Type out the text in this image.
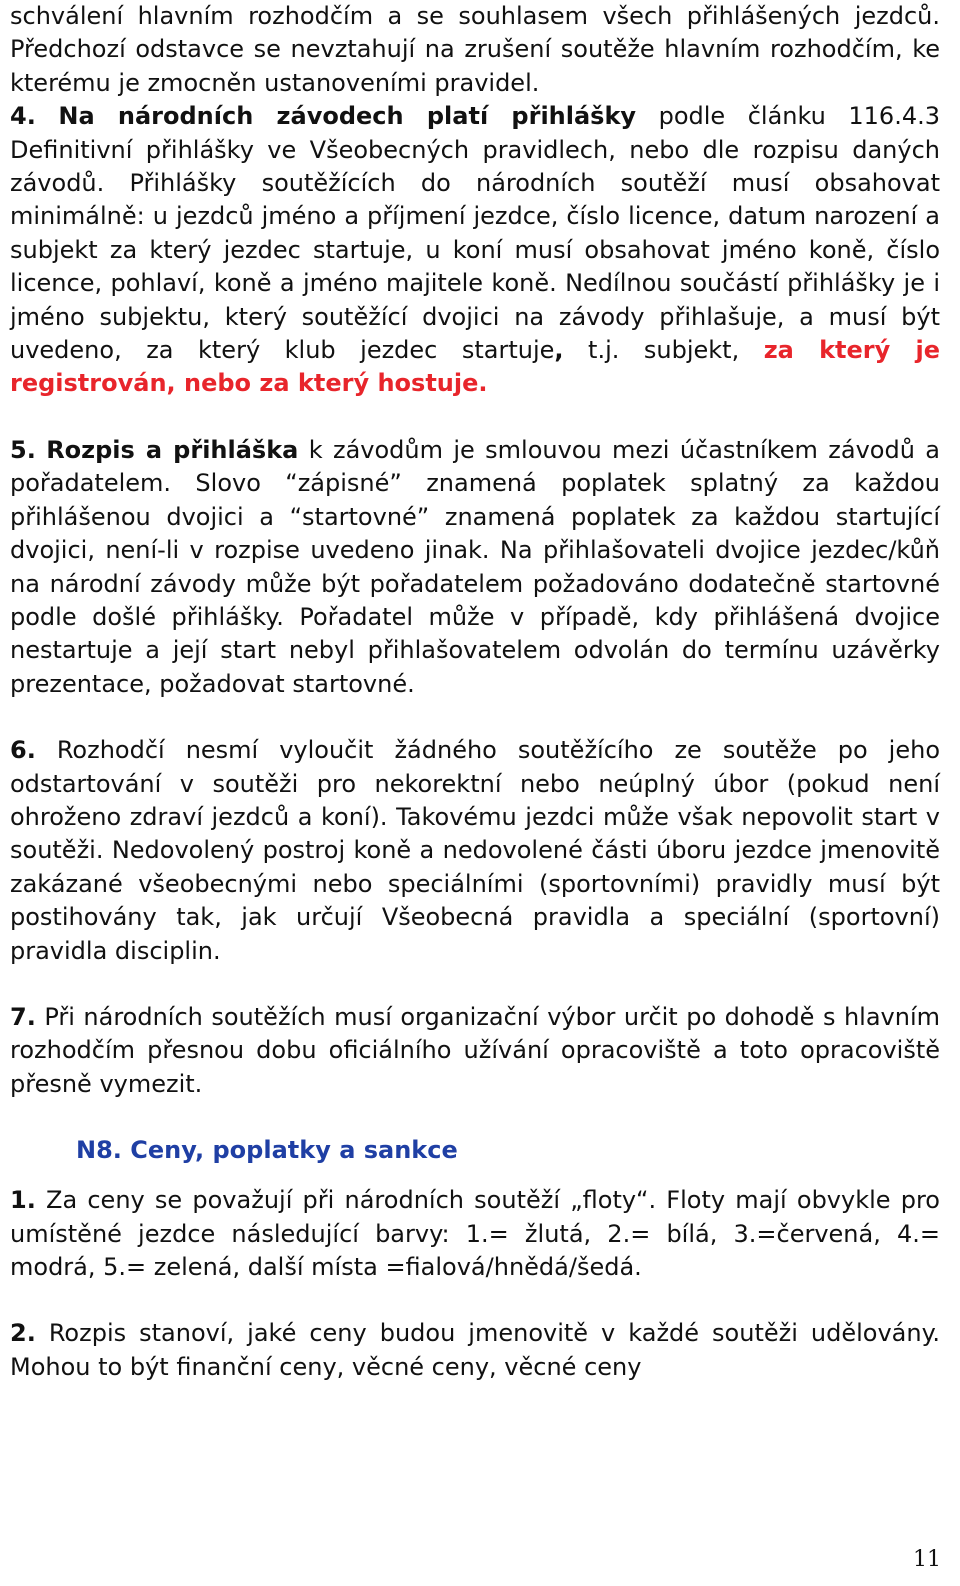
schválení hlavním rozhodčím a se souhlasem všech přihlášených jezdců. Předchozí odstavce se nevztahují na zrušení soutěže hlavním rozhodčím, ke kterému je zmocněn ustanoveními pravidel.

4. Na národních závodech platí přihlášky podle článku 116.4.3 Definitivní přihlášky ve Všeobecných pravidlech, nebo dle rozpisu daných závodů. Přihlášky soutěžících do národních soutěží musí obsahovat minimálně: u jezdců jméno a příjmení jezdce, číslo licence, datum narození a subjekt za který jezdec startuje, u koní musí obsahovat jméno koně, číslo licence, pohlaví, koně a jméno majitele koně. Nedílnou součástí přihlášky je i jméno subjektu, který soutěžící dvojici na závody přihlašuje, a musí být uvedeno, za který klub jezdec startuje, t.j. subjekt, za který je registrován, nebo za který hostuje.

5. Rozpis a přihláška k závodům je smlouvou mezi účastníkem závodů a pořadatelem. Slovo “zápisné” znamená poplatek splatný za každou přihlášenou dvojici a “startovné” znamená poplatek za každou startující dvojici, není-li v rozpise uvedeno jinak. Na přihlašovateli dvojice jezdec/kůň na národní závody může být pořadatelem požadováno dodatečně startovné podle došlé přihlášky. Pořadatel může v případě, kdy přihlášená dvojice nestartuje a její start nebyl přihlašovatelem odvolán do termínu uzávěrky prezentace, požadovat startovné.

6. Rozhodčí nesmí vyloučit žádného soutěžícího ze soutěže po jeho odstartování v soutěži pro nekorektní nebo neúplný úbor (pokud není ohroženo zdraví jezdců a koní). Takovému jezdci může však nepovolit start v soutěži. Nedovolený postroj koně a nedovolené části úboru jezdce jmenovitě zakázané všeobecnými nebo speciálními (sportovními) pravidly musí být postihovány tak, jak určují Všeobecná pravidla a speciální (sportovní) pravidla disciplin.

7. Při národních soutěžích musí organizační výbor určit po dohodě s hlavním rozhodčím přesnou dobu oficiálního užívání opracoviště a toto opracoviště přesně vymezit.

N8. Ceny, poplatky a sankce

1. Za ceny se považují při národních soutěží „floty“. Floty mají obvykle pro umístěné jezdce následující barvy: 1.= žlutá, 2.= bílá, 3.=červená, 4.= modrá, 5.= zelená, další místa =fialová/hnědá/šedá.

2. Rozpis stanoví, jaké ceny budou jmenovitě v každé soutěži udělovány. Mohou to být finanční ceny, věcné ceny, věcné ceny

11
